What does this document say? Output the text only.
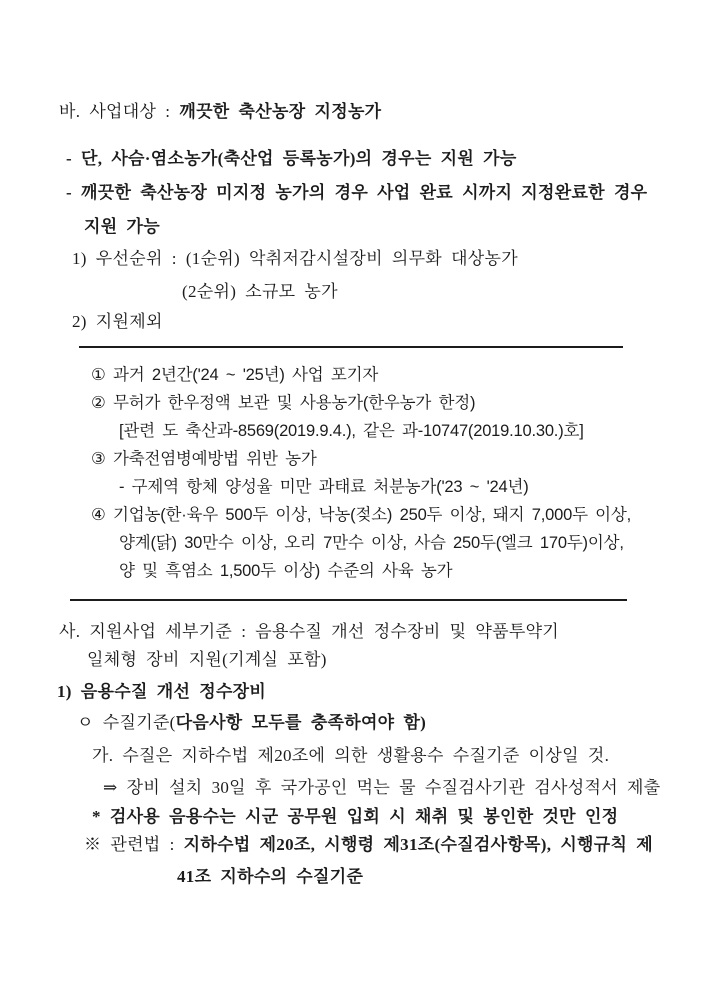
바. 사업대상 : 깨끗한 축산농장 지정농가
- 단, 사슴·염소농가(축산업 등록농가)의 경우는 지원 가능
- 깨끗한 축산농장 미지정 농가의 경우 사업 완료 시까지 지정완료한 경우
지원 가능
1) 우선순위 : (1순위) 악취저감시설장비 의무화 대상농가
(2순위) 소규모 농가
2) 지원제외
① 과거 2년간('24 ~ '25년) 사업 포기자
② 무허가 한우정액 보관 및 사용농가(한우농가 한정)
[관련 도 축산과-8569(2019.9.4.), 같은 과-10747(2019.10.30.)호]
③ 가축전염병예방법 위반 농가
- 구제역 항체 양성율 미만 과태료 처분농가('23 ~ '24년)
④ 기업농(한·육우 500두 이상, 낙농(젖소) 250두 이상, 돼지 7,000두 이상,
양계(닭) 30만수 이상, 오리 7만수 이상, 사슴 250두(엘크 170두)이상,
양 및 흑염소 1,500두 이상) 수준의 사육 농가
사. 지원사업 세부기준 : 음용수질 개선 정수장비 및 약품투약기
일체형 장비 지원(기계실 포함)
1) 음용수질 개선 정수장비
ㅇ 수질기준(다음사항 모두를 충족하여야 함)
가. 수질은 지하수법 제20조에 의한 생활용수 수질기준 이상일 것.
⇒ 장비 설치 30일 후 국가공인 먹는 물 수질검사기관 검사성적서 제출
* 검사용 음용수는 시군 공무원 입회 시 채취 및 봉인한 것만 인정
※ 관련법 : 지하수법 제20조, 시행령 제31조(수질검사항목), 시행규칙 제
41조 지하수의 수질기준
